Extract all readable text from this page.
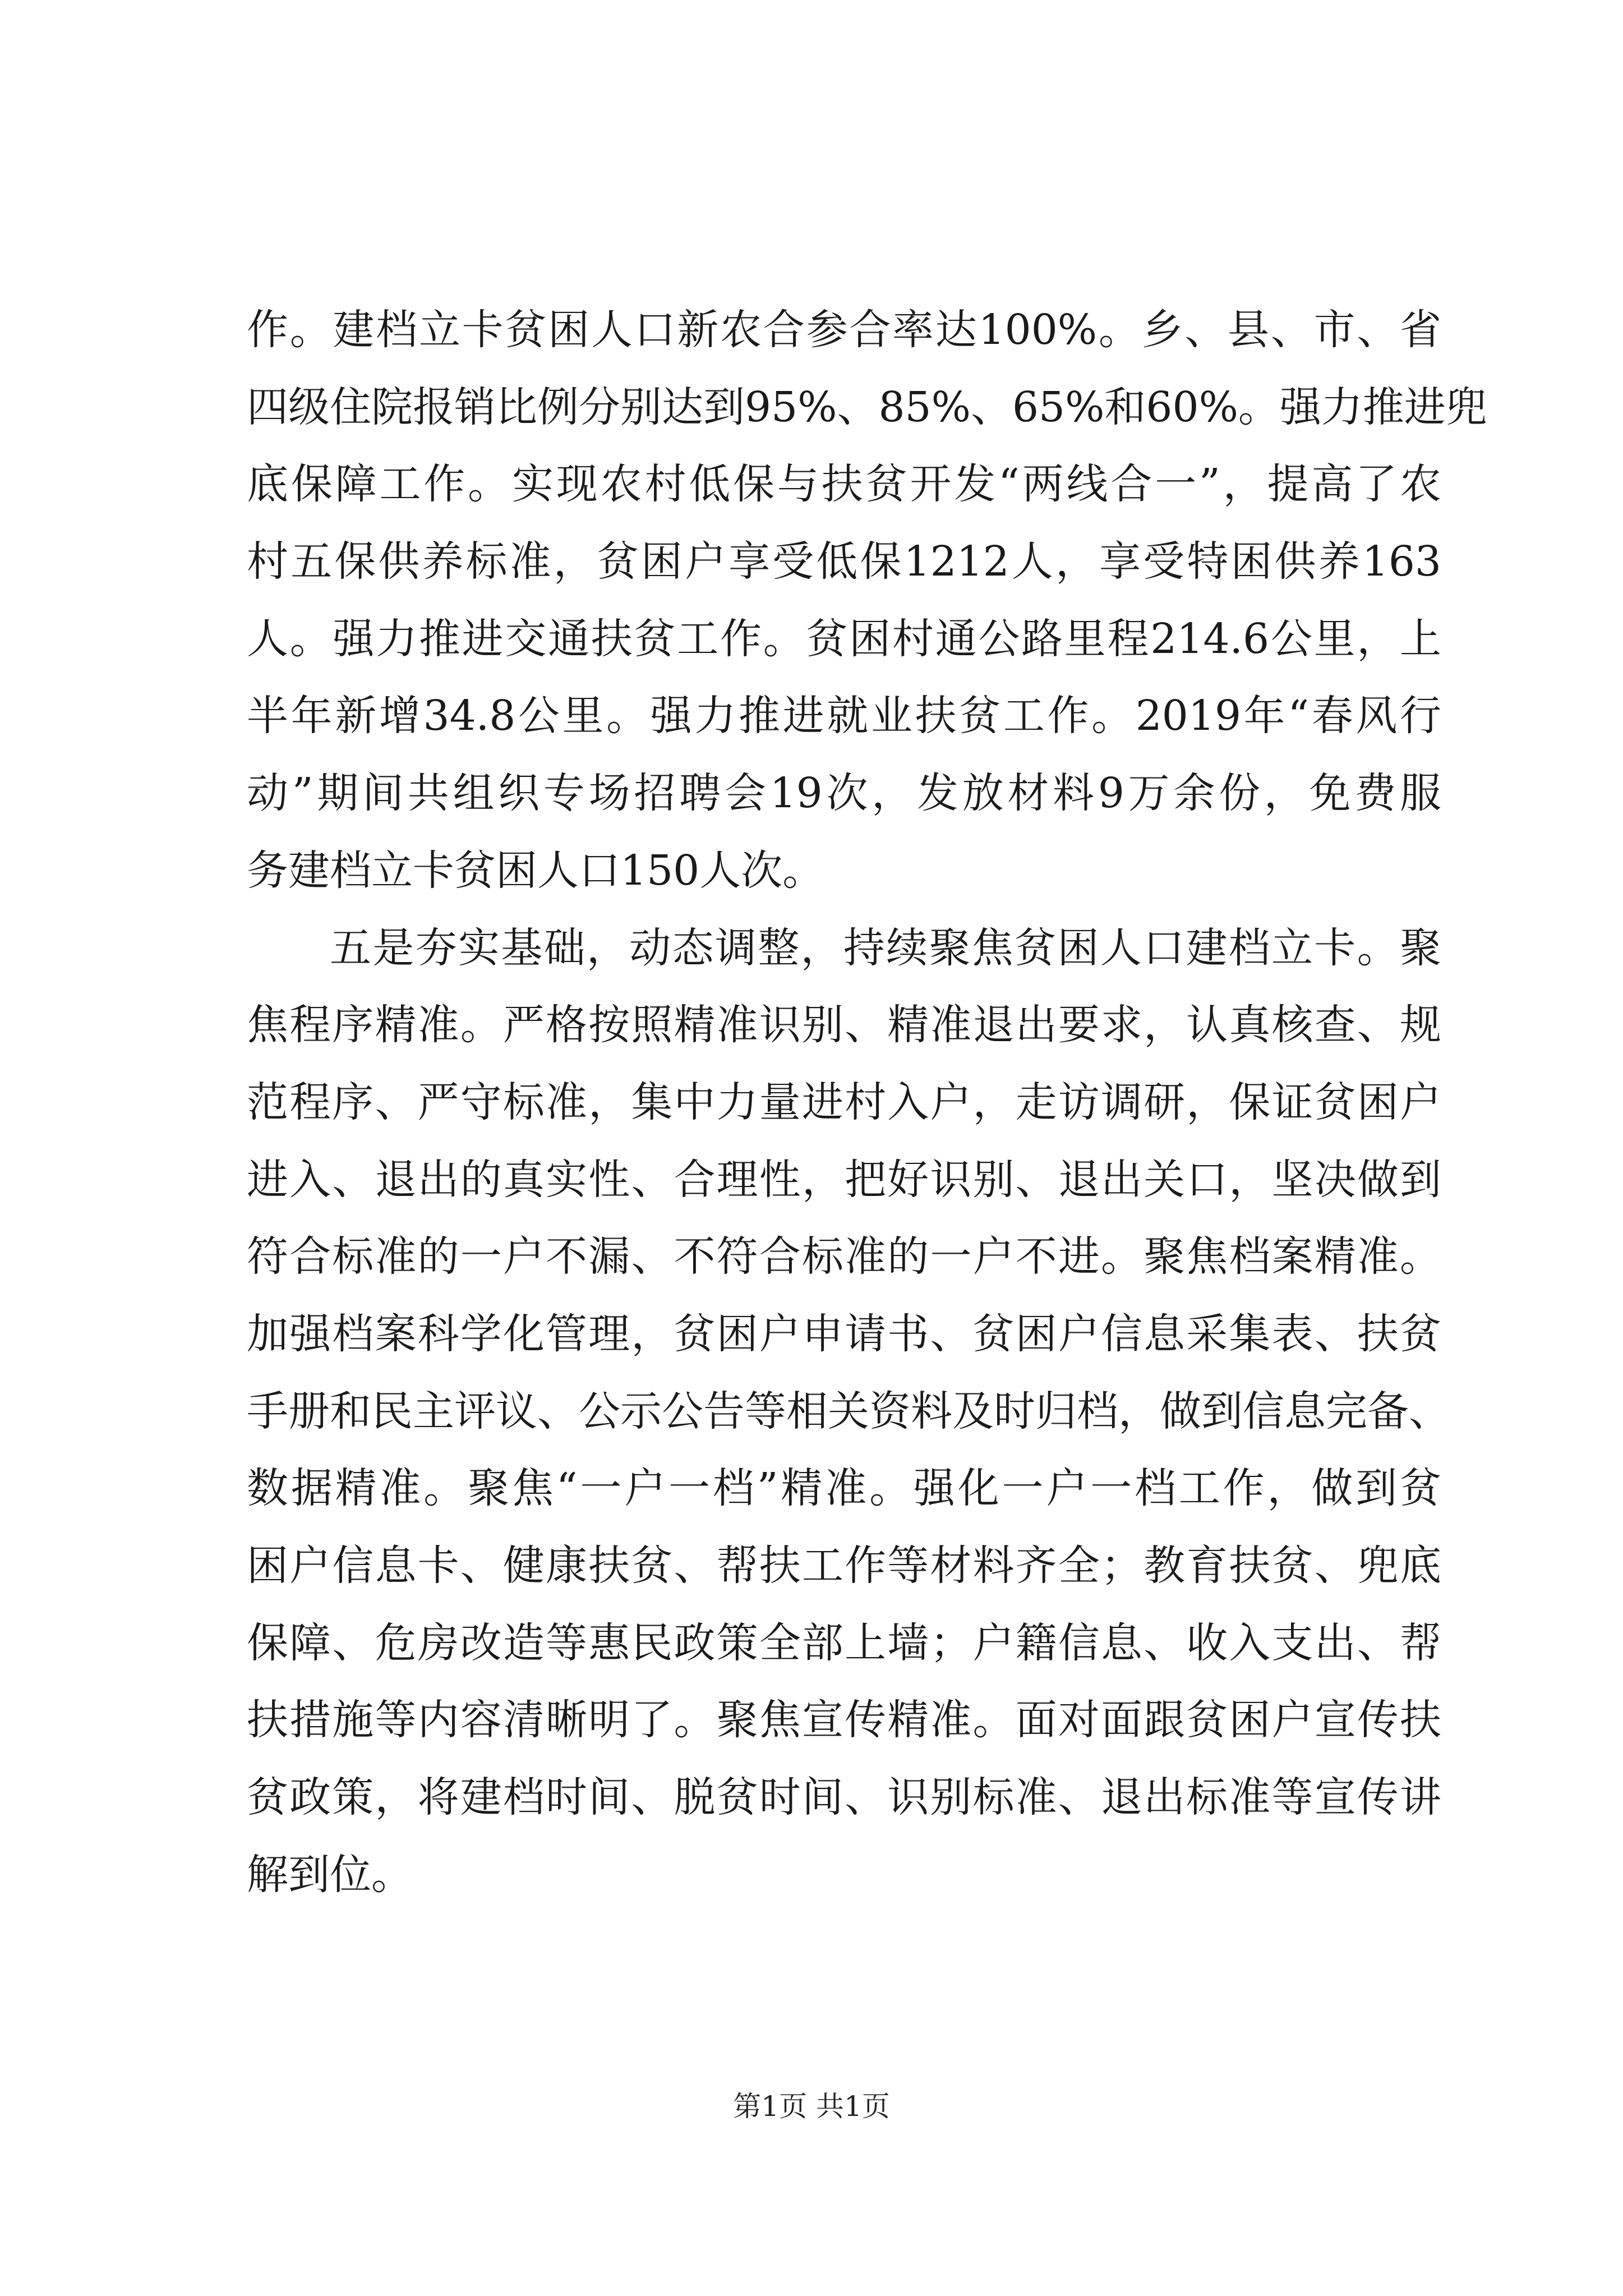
作。建档立卡贫困人口新农合参合率达100%。乡、县、市、省
四级住院报销比例分别达到95%、85%、65%和60%。强力推进兜
底保障工作。实现农村低保与扶贫开发“两线合一”，提高了农
村五保供养标准，贫困户享受低保1212人，享受特困供养163
人。强力推进交通扶贫工作。贫困村通公路里程214.6公里，上
半年新增34.8公里。强力推进就业扶贫工作。2019年“春风行
动”期间共组织专场招聘会19次，发放材料9万余份，免费服
务建档立卡贫困人口150人次。
五是夯实基础，动态调整，持续聚焦贫困人口建档立卡。聚
焦程序精准。严格按照精准识别、精准退出要求，认真核查、规
范程序、严守标准，集中力量进村入户，走访调研，保证贫困户
进入、退出的真实性、合理性，把好识别、退出关口，坚决做到
符合标准的一户不漏、不符合标准的一户不进。聚焦档案精准。
加强档案科学化管理，贫困户申请书、贫困户信息采集表、扶贫
手册和民主评议、公示公告等相关资料及时归档，做到信息完备、
数据精准。聚焦“一户一档”精准。强化一户一档工作，做到贫
困户信息卡、健康扶贫、帮扶工作等材料齐全；教育扶贫、兜底
保障、危房改造等惠民政策全部上墙；户籍信息、收入支出、帮
扶措施等内容清晰明了。聚焦宣传精准。面对面跟贫困户宣传扶
贫政策，将建档时间、脱贫时间、识别标准、退出标准等宣传讲
解到位。
第1页 共1页
